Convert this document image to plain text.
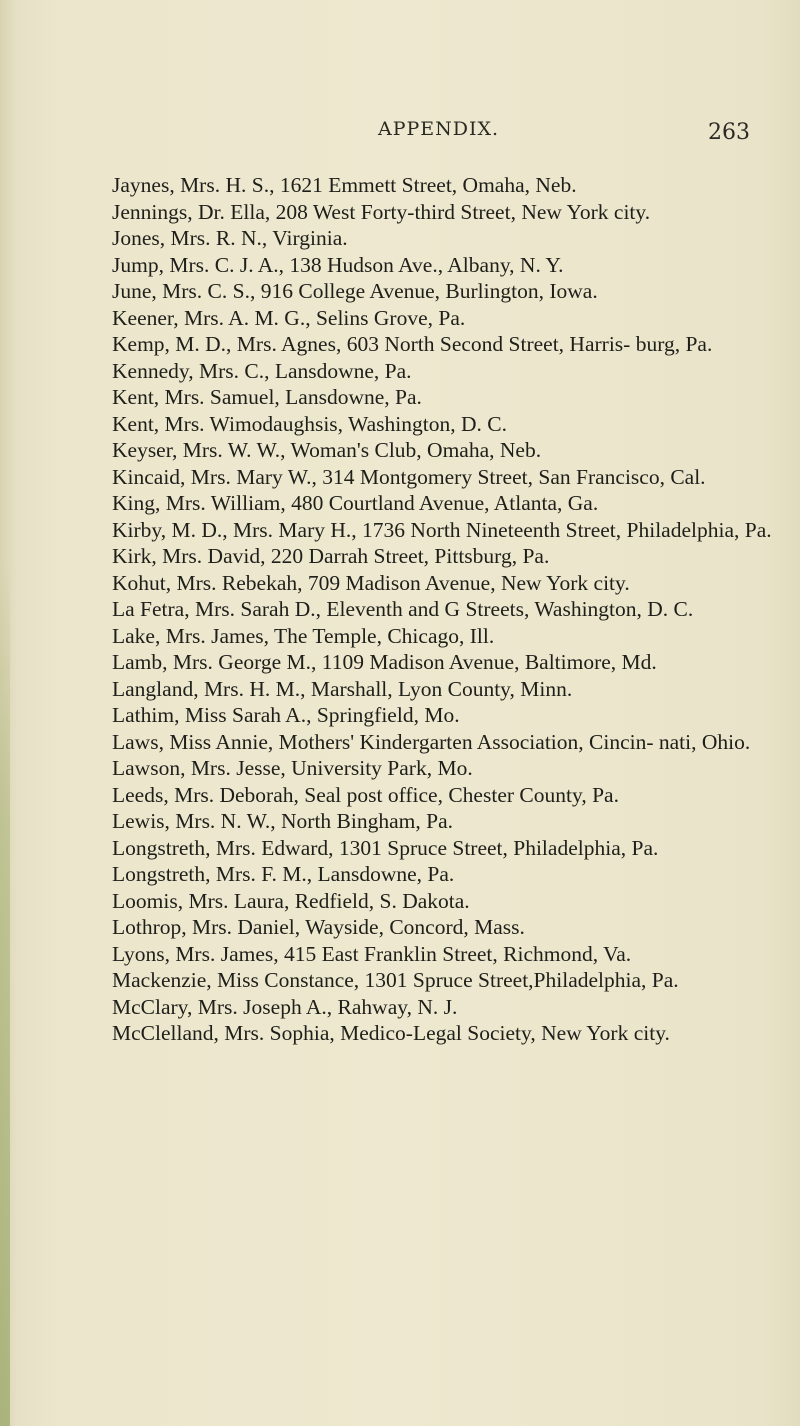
APPENDIX.	263
Jaynes, Mrs. H. S., 1621 Emmett Street, Omaha, Neb.
Jennings, Dr. Ella, 208 West Forty-third Street, New York city.
Jones, Mrs. R. N., Virginia.
Jump, Mrs. C. J. A., 138 Hudson Ave., Albany, N. Y.
June, Mrs. C. S., 916 College Avenue, Burlington, Iowa.
Keener, Mrs. A. M. G., Selins Grove, Pa.
Kemp, M. D., Mrs. Agnes, 603 North Second Street, Harris- burg, Pa.
Kennedy, Mrs. C., Lansdowne, Pa.
Kent, Mrs. Samuel, Lansdowne, Pa.
Kent, Mrs. Wimodaughsis, Washington, D. C.
Keyser, Mrs. W. W., Woman's Club, Omaha, Neb.
Kincaid, Mrs. Mary W., 314 Montgomery Street, San Francisco, Cal.
King, Mrs. William, 480 Courtland Avenue, Atlanta, Ga.
Kirby, M. D., Mrs. Mary H., 1736 North Nineteenth Street, Philadelphia, Pa.
Kirk, Mrs. David, 220 Darrah Street, Pittsburg, Pa.
Kohut, Mrs. Rebekah, 709 Madison Avenue, New York city.
La Fetra, Mrs. Sarah D., Eleventh and G Streets, Washington, D. C.
Lake, Mrs. James, The Temple, Chicago, Ill.
Lamb, Mrs. George M., 1109 Madison Avenue, Baltimore, Md.
Langland, Mrs. H. M., Marshall, Lyon County, Minn.
Lathim, Miss Sarah A., Springfield, Mo.
Laws, Miss Annie, Mothers' Kindergarten Association, Cincin- nati, Ohio.
Lawson, Mrs. Jesse, University Park, Mo.
Leeds, Mrs. Deborah, Seal post office, Chester County, Pa.
Lewis, Mrs. N. W., North Bingham, Pa.
Longstreth, Mrs. Edward, 1301 Spruce Street, Philadelphia, Pa.
Longstreth, Mrs. F. M., Lansdowne, Pa.
Loomis, Mrs. Laura, Redfield, S. Dakota.
Lothrop, Mrs. Daniel, Wayside, Concord, Mass.
Lyons, Mrs. James, 415 East Franklin Street, Richmond, Va.
Mackenzie, Miss Constance, 1301 Spruce Street,Philadelphia, Pa.
McClary, Mrs. Joseph A., Rahway, N. J.
McClelland, Mrs. Sophia, Medico-Legal Society, New York city.
